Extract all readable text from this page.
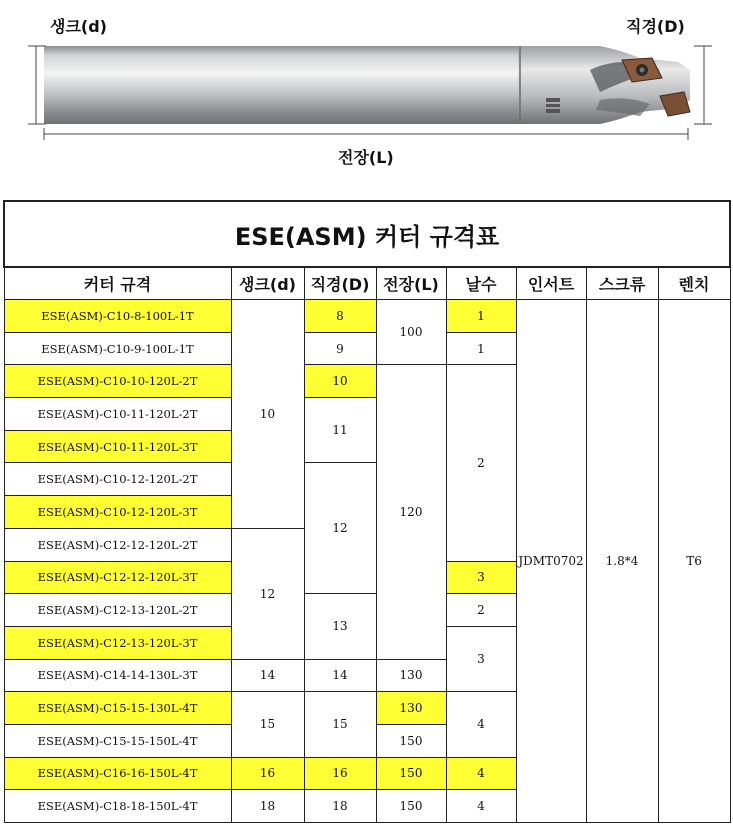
생크(d)	직경(D)
전장(L)
ESE(ASM) 커터 규격표							
커터 규격	생크(d)	직경(D)	전장(L)	날수	인서트	스크류	렌치
ESE(ASM)-C10-8-100L-1T	10	8	100	1	JDMT0702	1.8*4	T6
ESE(ASM)-C10-9-100L-1T		9		1			
ESE(ASM)-C10-10-120L-2T		10	120	2			
ESE(ASM)-C10-11-120L-2T		11					
ESE(ASM)-C10-11-120L-3T							
ESE(ASM)-C10-12-120L-2T		12					
ESE(ASM)-C10-12-120L-3T							
ESE(ASM)-C12-12-120L-2T	12						
ESE(ASM)-C12-12-120L-3T				3			
ESE(ASM)-C12-13-120L-2T		13		2			
ESE(ASM)-C12-13-120L-3T				3			
ESE(ASM)-C14-14-130L-3T	14	14	130				
ESE(ASM)-C15-15-130L-4T	15	15	130	4			
ESE(ASM)-C15-15-150L-4T			150				
ESE(ASM)-C16-16-150L-4T	16	16	150	4			
ESE(ASM)-C18-18-150L-4T	18	18	150	4			
